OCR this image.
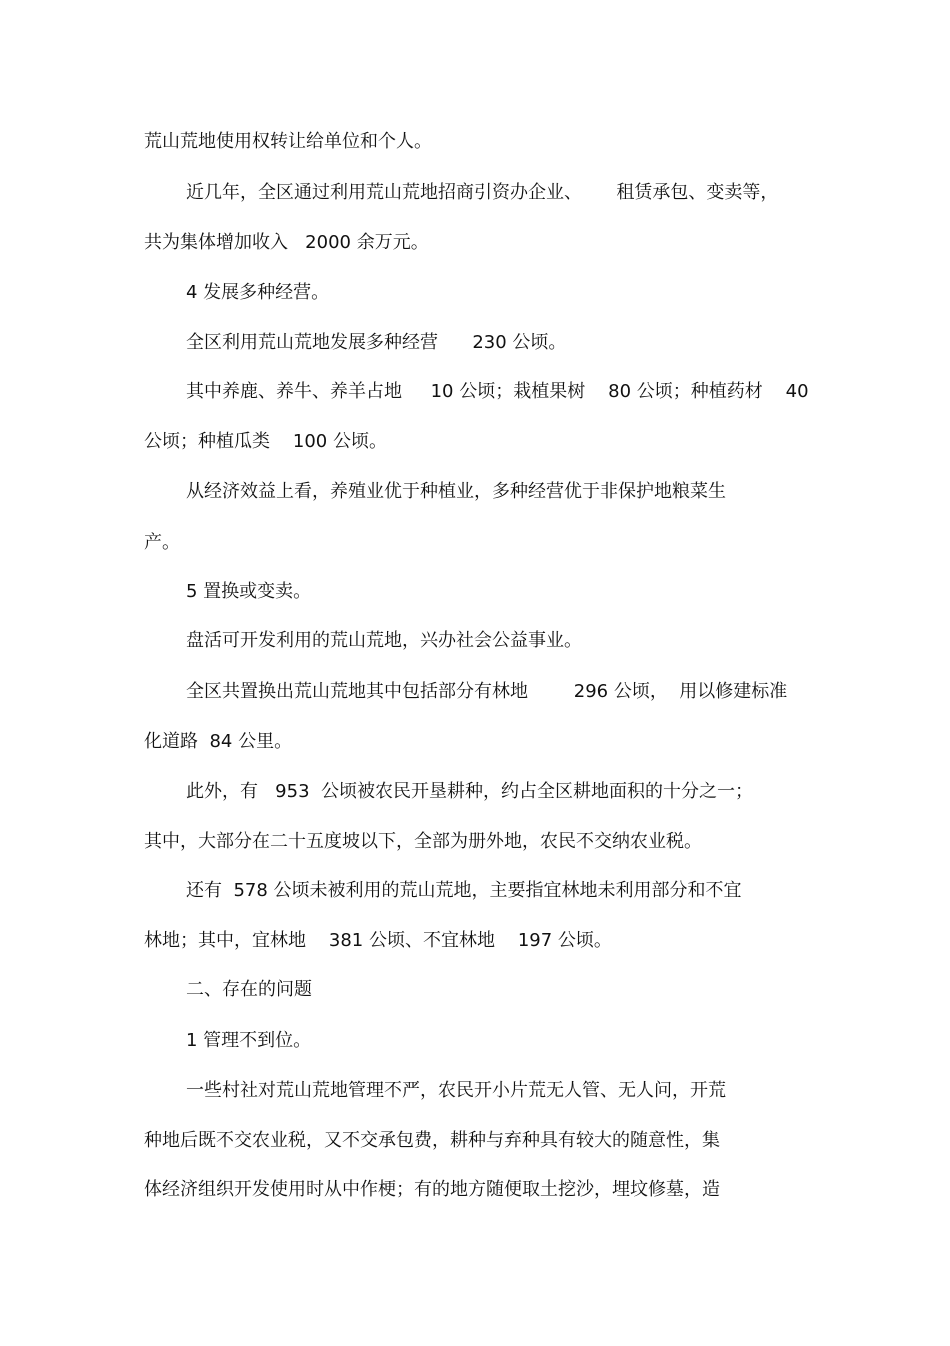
荒山荒地使用权转让给单位和个人。
近几年，全区通过利用荒山荒地招商引资办企业、      租赁承包、变卖等，
共为集体增加收入   2000 余万元。
4 发展多种经营。
全区利用荒山荒地发展多种经营      230 公顷。
其中养鹿、养牛、养羊占地     10 公顷；栽植果树    80 公顷；种植药材    40
公顷；种植瓜类    100 公顷。
从经济效益上看，养殖业优于种植业，多种经营优于非保护地粮菜生
产。
5 置换或变卖。
盘活可开发利用的荒山荒地，兴办社会公益事业。
全区共置换出荒山荒地其中包括部分有林地        296 公顷，  用以修建标准
化道路  84 公里。
此外，有   953  公顷被农民开垦耕种，约占全区耕地面积的十分之一；
其中，大部分在二十五度坡以下，全部为册外地，农民不交纳农业税。
还有  578 公顷未被利用的荒山荒地，主要指宜林地未利用部分和不宜
林地；其中，宜林地    381 公顷、不宜林地    197 公顷。
二、存在的问题
1 管理不到位。
一些村社对荒山荒地管理不严，农民开小片荒无人管、无人问，开荒
种地后既不交农业税，又不交承包费，耕种与弃种具有较大的随意性，集
体经济组织开发使用时从中作梗；有的地方随便取土挖沙，埋坟修墓，造
